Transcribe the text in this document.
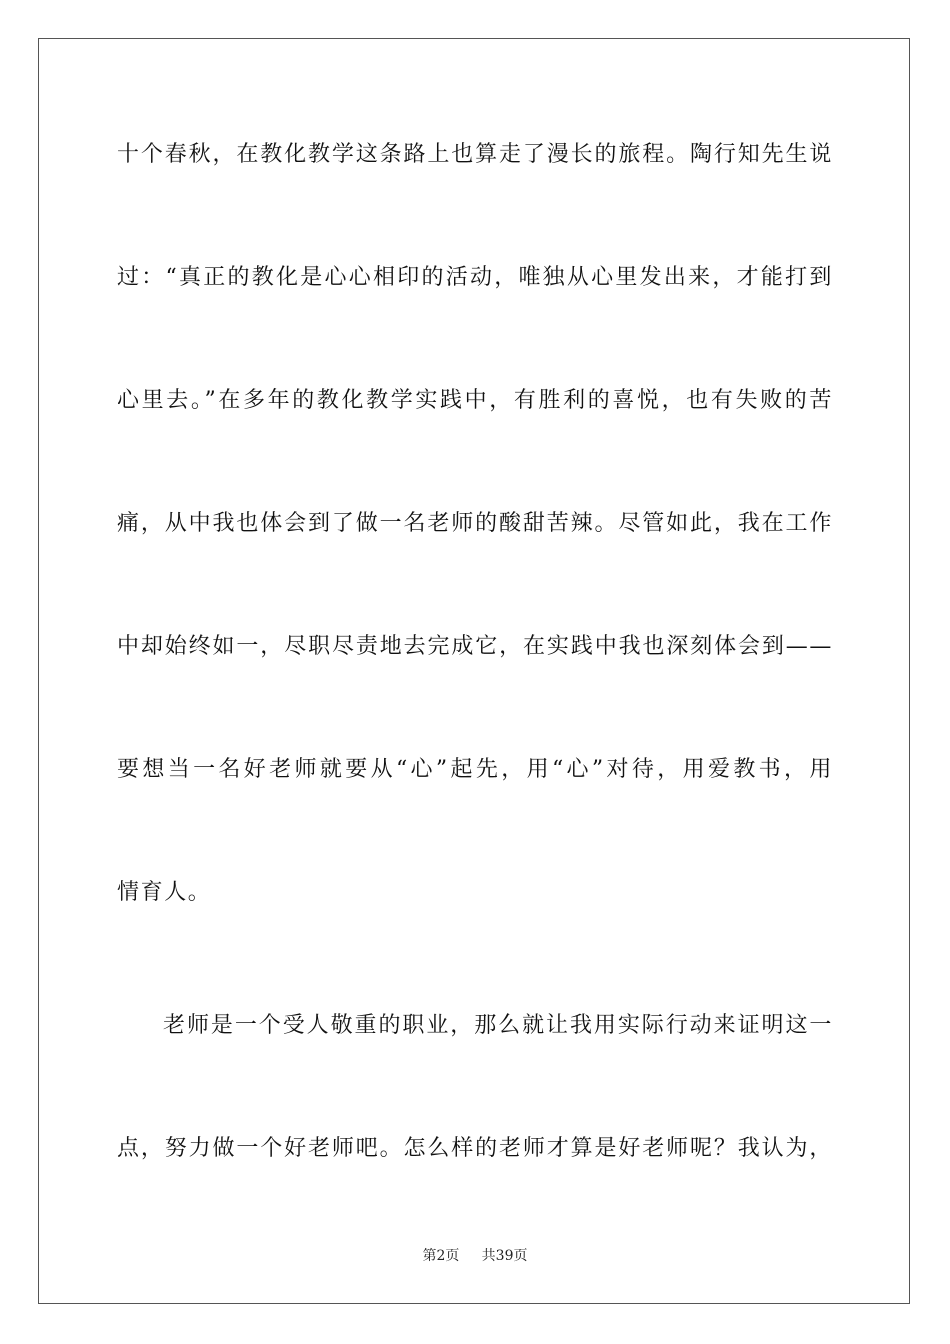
十个春秋，在教化教学这条路上也算走了漫长的旅程。陶行知先生说
过：“真正的教化是心心相印的活动，唯独从心里发出来，才能打到
心里去。”在多年的教化教学实践中，有胜利的喜悦，也有失败的苦
痛，从中我也体会到了做一名老师的酸甜苦辣。尽管如此，我在工作
中却始终如一，尽职尽责地去完成它，在实践中我也深刻体会到——
要想当一名好老师就要从“心”起先，用“心”对待，用爱教书，用
情育人。
老师是一个受人敬重的职业，那么就让我用实际行动来证明这一
点，努力做一个好老师吧。怎么样的老师才算是好老师呢？我认为，
第2页 共39页
